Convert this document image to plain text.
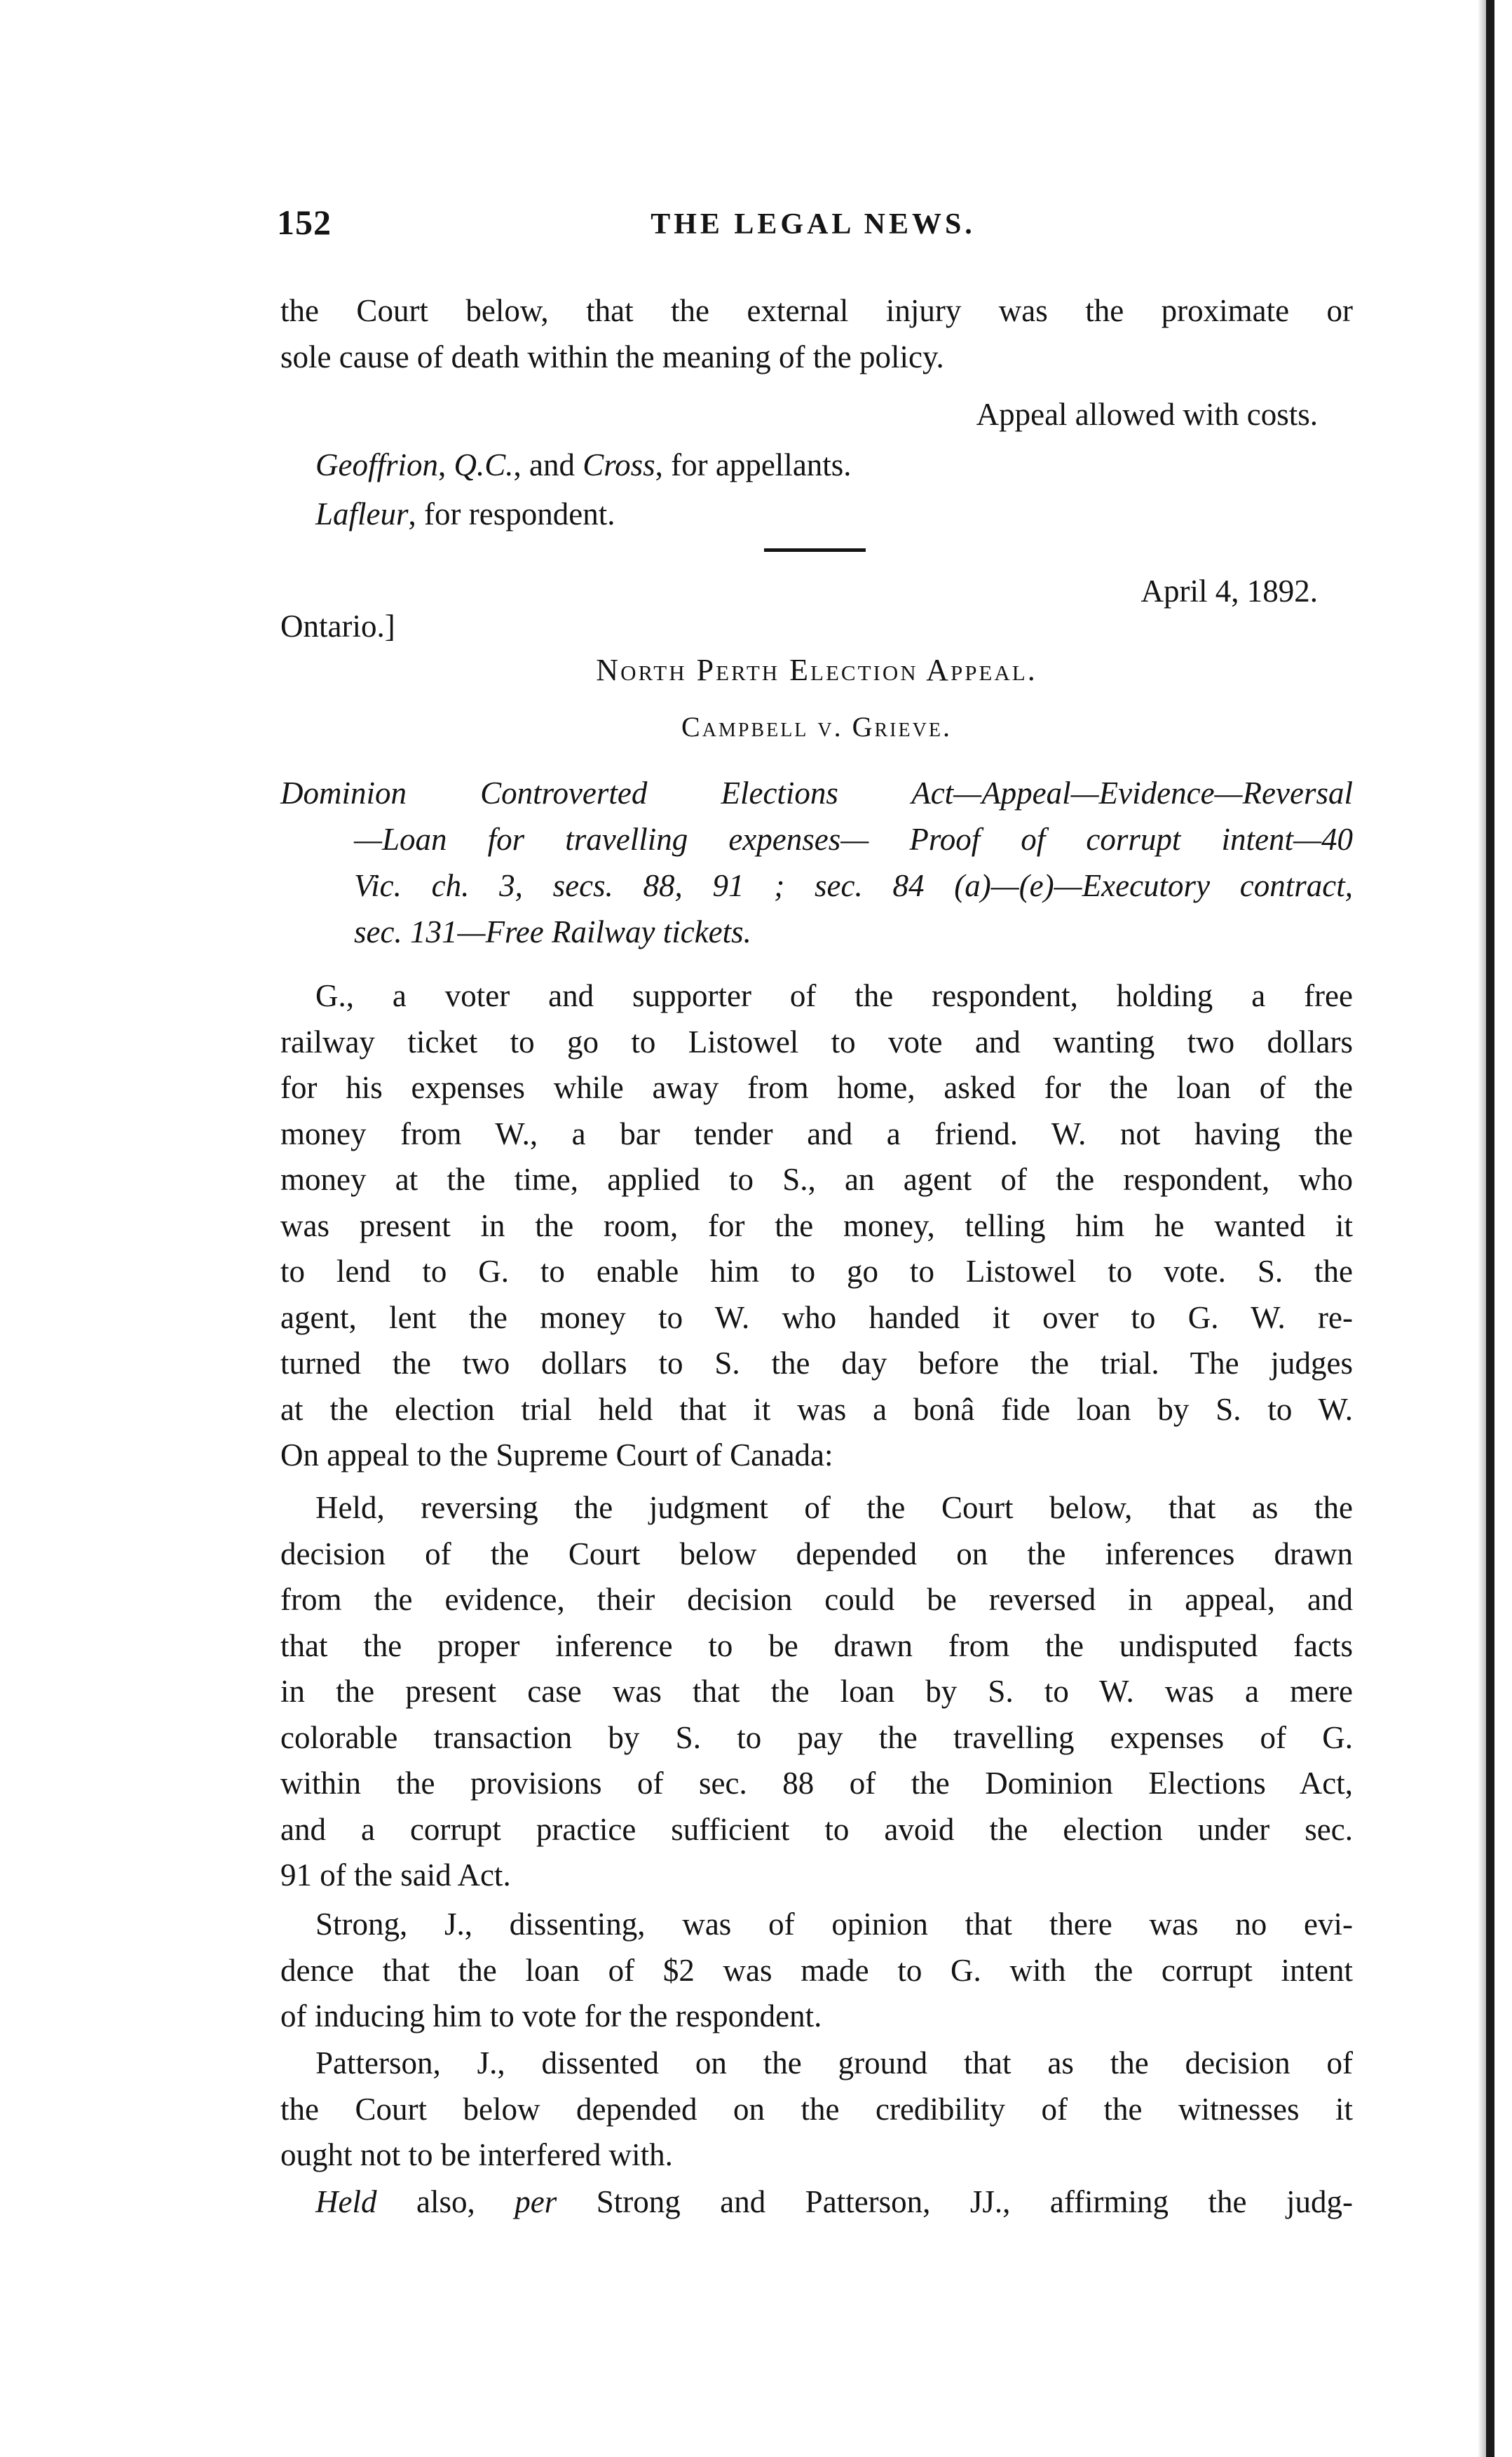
152	THE LEGAL NEWS.
the Court below, that the external injury was the proximate or
sole cause of death within the meaning of the policy.
Appeal allowed with costs.
Geoffrion, Q.C., and Cross, for appellants.
Lafleur, for respondent.
April 4, 1892.
Ontario.]
North Perth Election Appeal.
Campbell v. Grieve.
Dominion Controverted Elections Act—Appeal—Evidence—Reversal
—Loan for travelling expenses— Proof of corrupt intent—40
Vic. ch. 3, secs. 88, 91 ; sec. 84 (a)—(e)—Executory contract,
sec. 131—Free Railway tickets.
G., a voter and supporter of the respondent, holding a free
railway ticket to go to Listowel to vote and wanting two dollars
for his expenses while away from home, asked for the loan of the
money from W., a bar tender and a friend. W. not having the
money at the time, applied to S., an agent of the respondent, who
was present in the room, for the money, telling him he wanted it
to lend to G. to enable him to go to Listowel to vote. S. the
agent, lent the money to W. who handed it over to G. W. re-
turned the two dollars to S. the day before the trial. The judges
at the election trial held that it was a bonâ fide loan by S. to W.
On appeal to the Supreme Court of Canada:
Held, reversing the judgment of the Court below, that as the
decision of the Court below depended on the inferences drawn
from the evidence, their decision could be reversed in appeal, and
that the proper inference to be drawn from the undisputed facts
in the present case was that the loan by S. to W. was a mere
colorable transaction by S. to pay the travelling expenses of G.
within the provisions of sec. 88 of the Dominion Elections Act,
and a corrupt practice sufficient to avoid the election under sec.
91 of the said Act.
Strong, J., dissenting, was of opinion that there was no evi-
dence that the loan of $2 was made to G. with the corrupt intent
of inducing him to vote for the respondent.
Patterson, J., dissented on the ground that as the decision of
the Court below depended on the credibility of the witnesses it
ought not to be interfered with.
Held also, per Strong and Patterson, JJ., affirming the judg-
